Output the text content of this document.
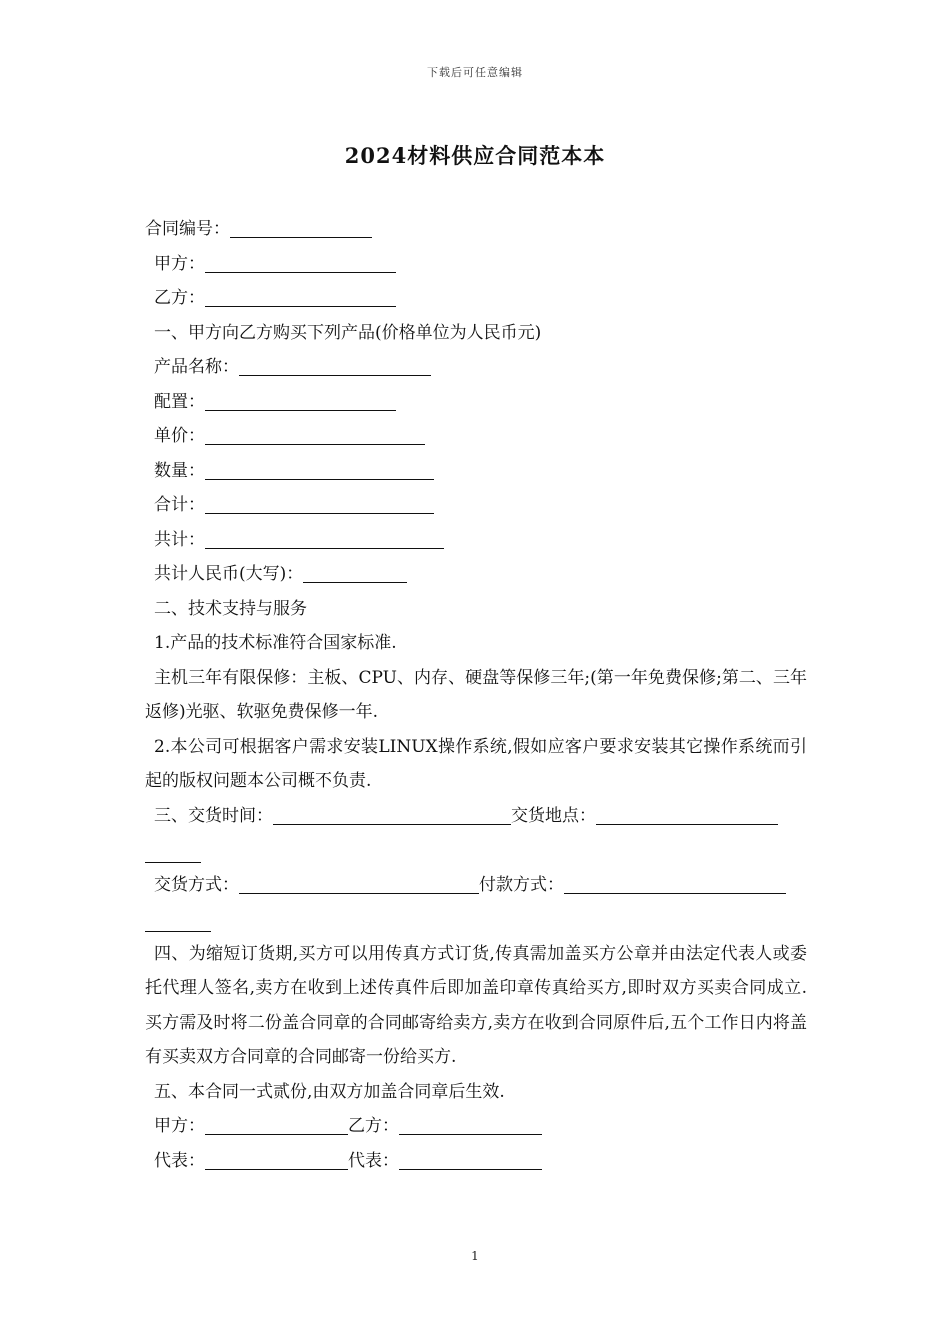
下载后可任意编辑
2024材料供应合同范本本
合同编号：
甲方：
乙方：
一、甲方向乙方购买下列产品(价格单位为人民币元)
产品名称：
配置：
单价：
数量：
合计：
共计：
共计人民币(大写)：
二、技术支持与服务
1.产品的技术标准符合国家标准.
主机三年有限保修：主板、CPU、内存、硬盘等保修三年;(第一年免费保修;第二、三年返修)光驱、软驱免费保修一年.
2.本公司可根据客户需求安装LINUX操作系统,假如应客户要求安装其它操作系统而引起的版权问题本公司概不负责.
三、交货时间：	交货地点：
交货方式：	付款方式：
四、为缩短订货期,买方可以用传真方式订货,传真需加盖买方公章并由法定代表人或委托代理人签名,卖方在收到上述传真件后即加盖印章传真给买方,即时双方买卖合同成立.买方需及时将二份盖合同章的合同邮寄给卖方,卖方在收到合同原件后,五个工作日内将盖有买卖双方合同章的合同邮寄一份给买方.
五、本合同一式贰份,由双方加盖合同章后生效.
甲方：	乙方：
代表：	代表：
1
